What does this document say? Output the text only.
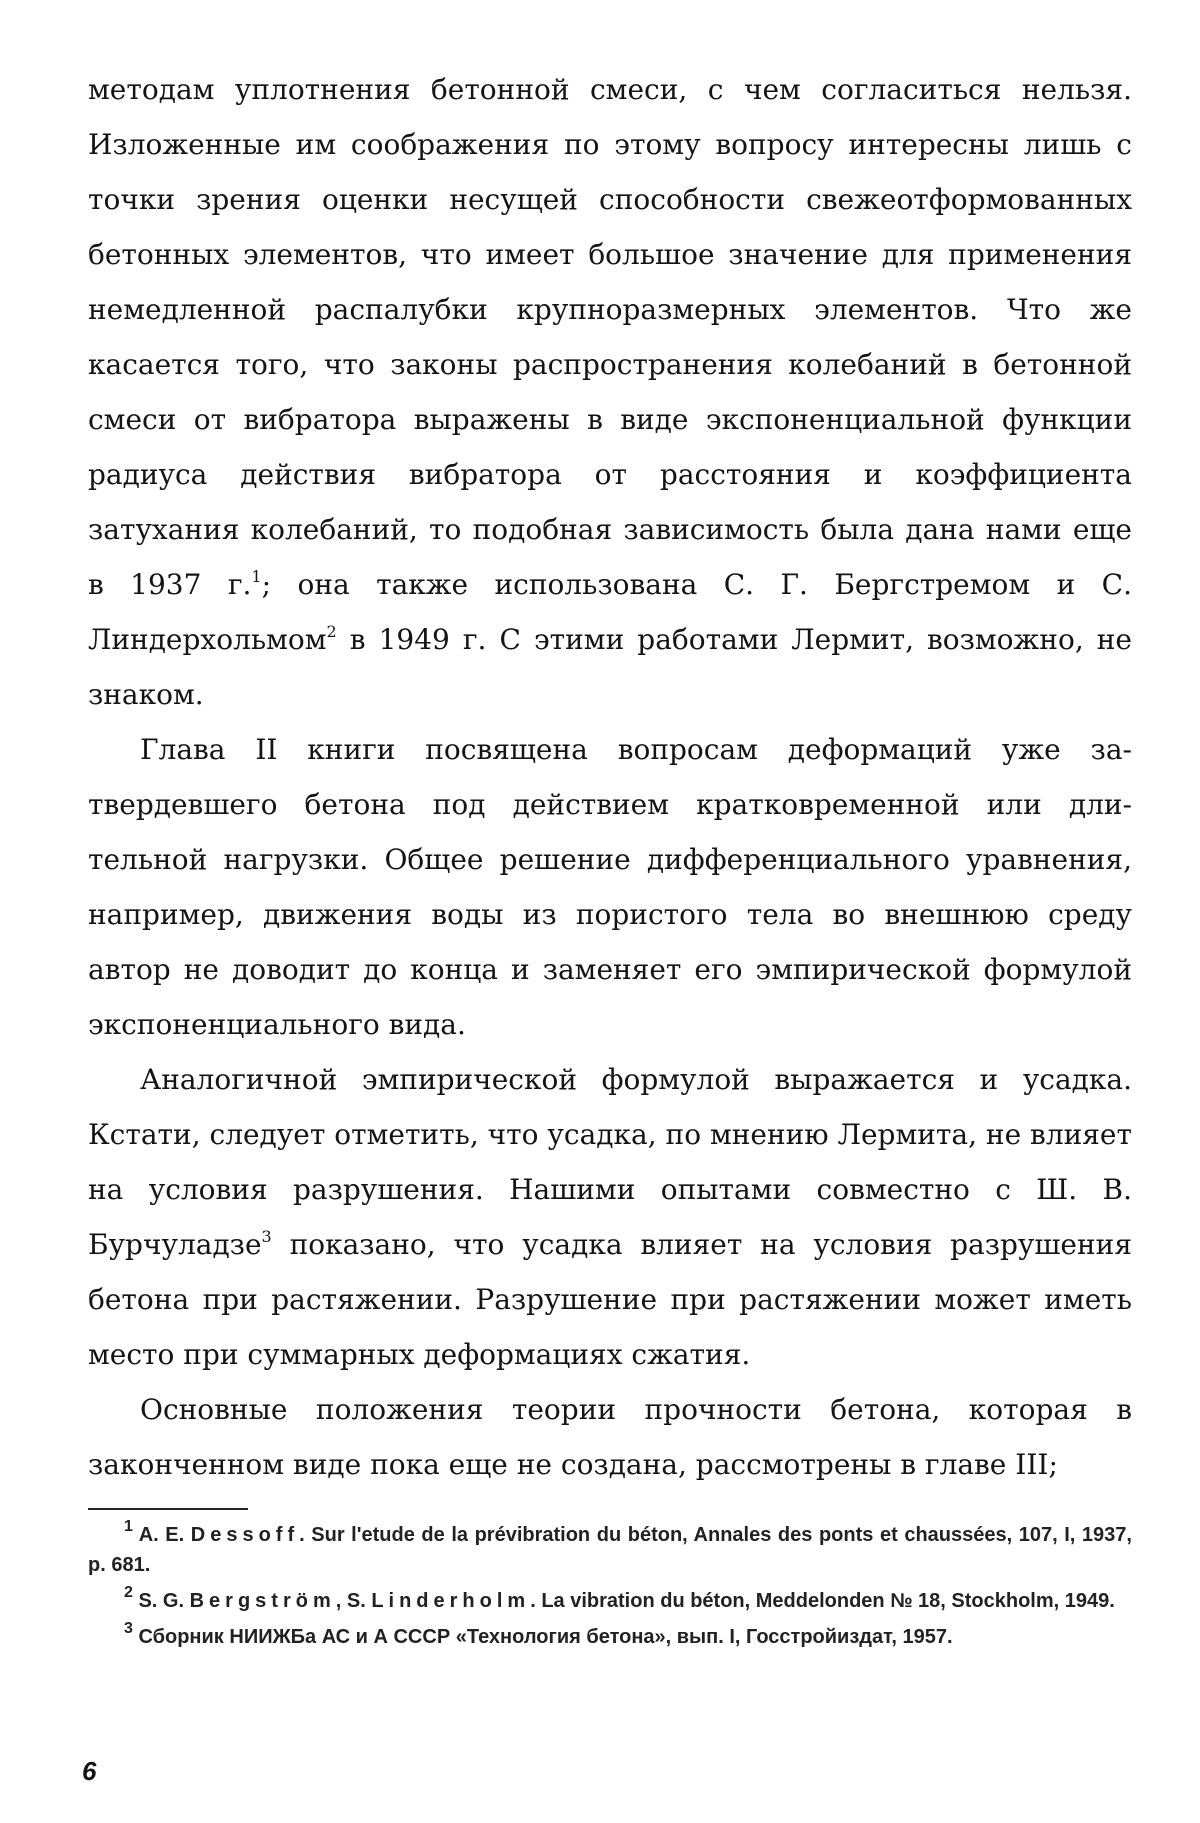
методам уплотнения бетонной смеси, с чем согласиться нельзя. Изложенные им соображения по этому вопросу интересны лишь с точки зрения оценки несущей способности свежеотформованных бетонных элементов, что имеет большое значение для применения немедленной распалубки крупноразмерных элементов. Что же касается того, что законы распространения колебаний в бетонной смеси от вибратора выражены в виде экспоненциальной функции радиуса действия вибратора от расстояния и коэффициента затухания колебаний, то подобная зависимость была дана нами еще в 1937 г.$^1$; она также использована С. Г. Бергстремом и С. Линдерхольмом$^2$ в 1949 г. С этими работами Лермит, возможно, не знаком.

Глава II книги посвящена вопросам деформаций уже затвердевшего бетона под действием кратковременной или длительной нагрузки. Общее решение дифференциального уравнения, например, движения воды из пористого тела во внешнюю среду автор не доводит до конца и заменяет его эмпирической формулой экспоненциального вида.

Аналогичной эмпирической формулой выражается и усадка. Кстати, следует отметить, что усадка, по мнению Лермита, не влияет на условия разрушения. Нашими опытами совместно с Ш. В. Бурчуладзе$^3$ показано, что усадка влияет на условия разрушения бетона при растяжении. Разрушение при растяжении может иметь место при суммарных деформациях сжатия.

Основные положения теории прочности бетона, которая в законченном виде пока еще не создана, рассмотрены в главе III;

$^1$ A. E. Dessoff. Sur l'etude de la prévibration du béton, Annales des ponts et chaussées, 107, I, 1937, p. 681.

$^2$ S. G. Bergström, S. Linderholm. La vibration du béton, Meddelonden № 18, Stockholm, 1949.

$^3$ Сборник НИИЖБа АС и А СССР «Технология бетона», вып. I, Госстройиздат, 1957.

6
